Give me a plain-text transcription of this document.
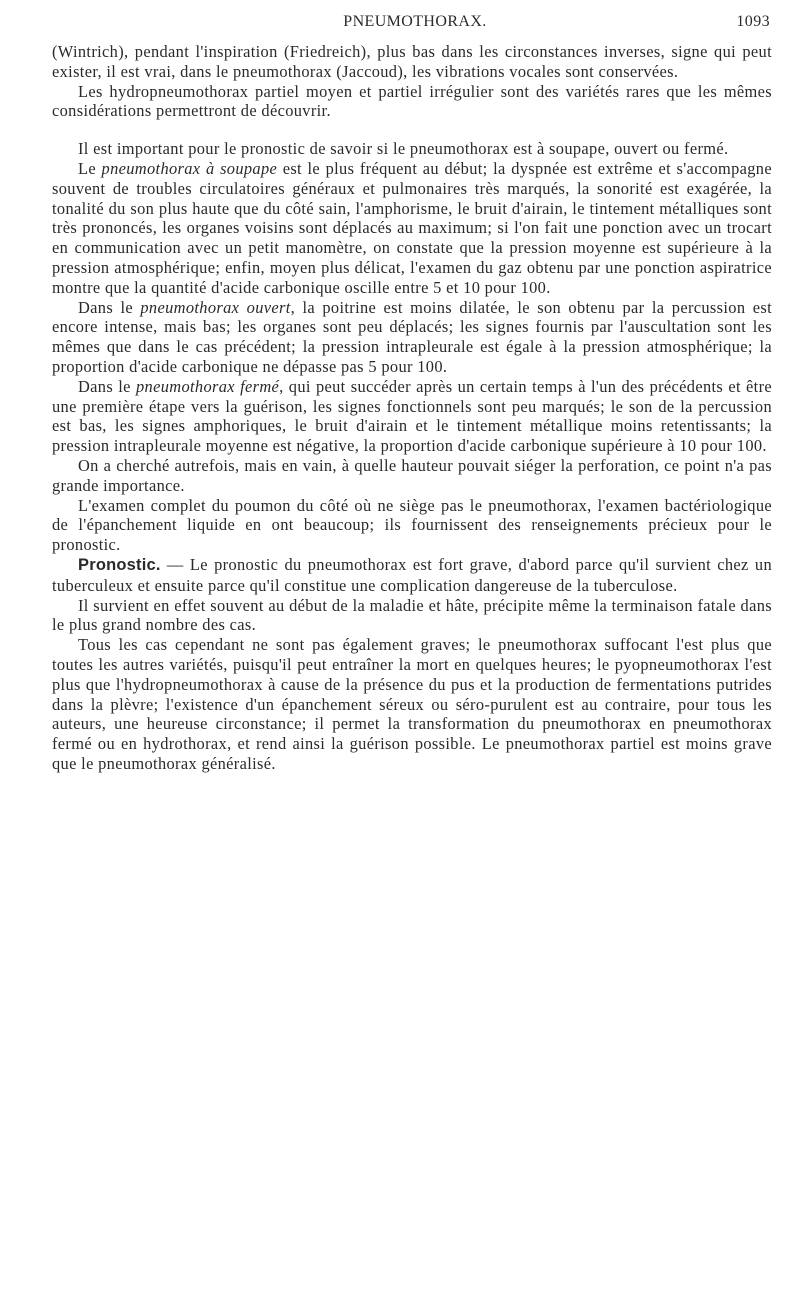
PNEUMOTHORAX.	1093

(Wintrich), pendant l'inspiration (Friedreich), plus bas dans les circonstances inverses, signe qui peut exister, il est vrai, dans le pneumothorax (Jaccoud), les vibrations vocales sont conservées.

Les hydropneumothorax partiel moyen et partiel irrégulier sont des variétés rares que les mêmes considérations permettront de découvrir.

Il est important pour le pronostic de savoir si le pneumothorax est à soupape, ouvert ou fermé.

Le pneumothorax à soupape est le plus fréquent au début; la dyspnée est extrême et s'accompagne souvent de troubles circulatoires généraux et pulmonaires très marqués, la sonorité est exagérée, la tonalité du son plus haute que du côté sain, l'amphorisme, le bruit d'airain, le tintement métalliques sont très prononcés, les organes voisins sont déplacés au maximum; si l'on fait une ponction avec un trocart en communication avec un petit manomètre, on constate que la pression moyenne est supérieure à la pression atmosphérique; enfin, moyen plus délicat, l'examen du gaz obtenu par une ponction aspiratrice montre que la quantité d'acide carbonique oscille entre 5 et 10 pour 100.

Dans le pneumothorax ouvert, la poitrine est moins dilatée, le son obtenu par la percussion est encore intense, mais bas; les organes sont peu déplacés; les signes fournis par l'auscultation sont les mêmes que dans le cas précédent; la pression intrapleurale est égale à la pression atmosphérique; la proportion d'acide carbonique ne dépasse pas 5 pour 100.

Dans le pneumothorax fermé, qui peut succéder après un certain temps à l'un des précédents et être une première étape vers la guérison, les signes fonctionnels sont peu marqués; le son de la percussion est bas, les signes amphoriques, le bruit d'airain et le tintement métallique moins retentissants; la pression intrapleurale moyenne est négative, la proportion d'acide carbonique supérieure à 10 pour 100.

On a cherché autrefois, mais en vain, à quelle hauteur pouvait siéger la perforation, ce point n'a pas grande importance.

L'examen complet du poumon du côté où ne siège pas le pneumothorax, l'examen bactériologique de l'épanchement liquide en ont beaucoup; ils fournissent des renseignements précieux pour le pronostic.

Pronostic. — Le pronostic du pneumothorax est fort grave, d'abord parce qu'il survient chez un tuberculeux et ensuite parce qu'il constitue une complication dangereuse de la tuberculose.

Il survient en effet souvent au début de la maladie et hâte, précipite même la terminaison fatale dans le plus grand nombre des cas.

Tous les cas cependant ne sont pas également graves; le pneumothorax suffocant l'est plus que toutes les autres variétés, puisqu'il peut entraîner la mort en quelques heures; le pyopneumothorax l'est plus que l'hydropneumothorax à cause de la présence du pus et la production de fermentations putrides dans la plèvre; l'existence d'un épanchement séreux ou séro-purulent est au contraire, pour tous les auteurs, une heureuse circonstance; il permet la transformation du pneumothorax en pneumothorax fermé ou en hydrothorax, et rend ainsi la guérison possible. Le pneumothorax partiel est moins grave que le pneumothorax généralisé.
